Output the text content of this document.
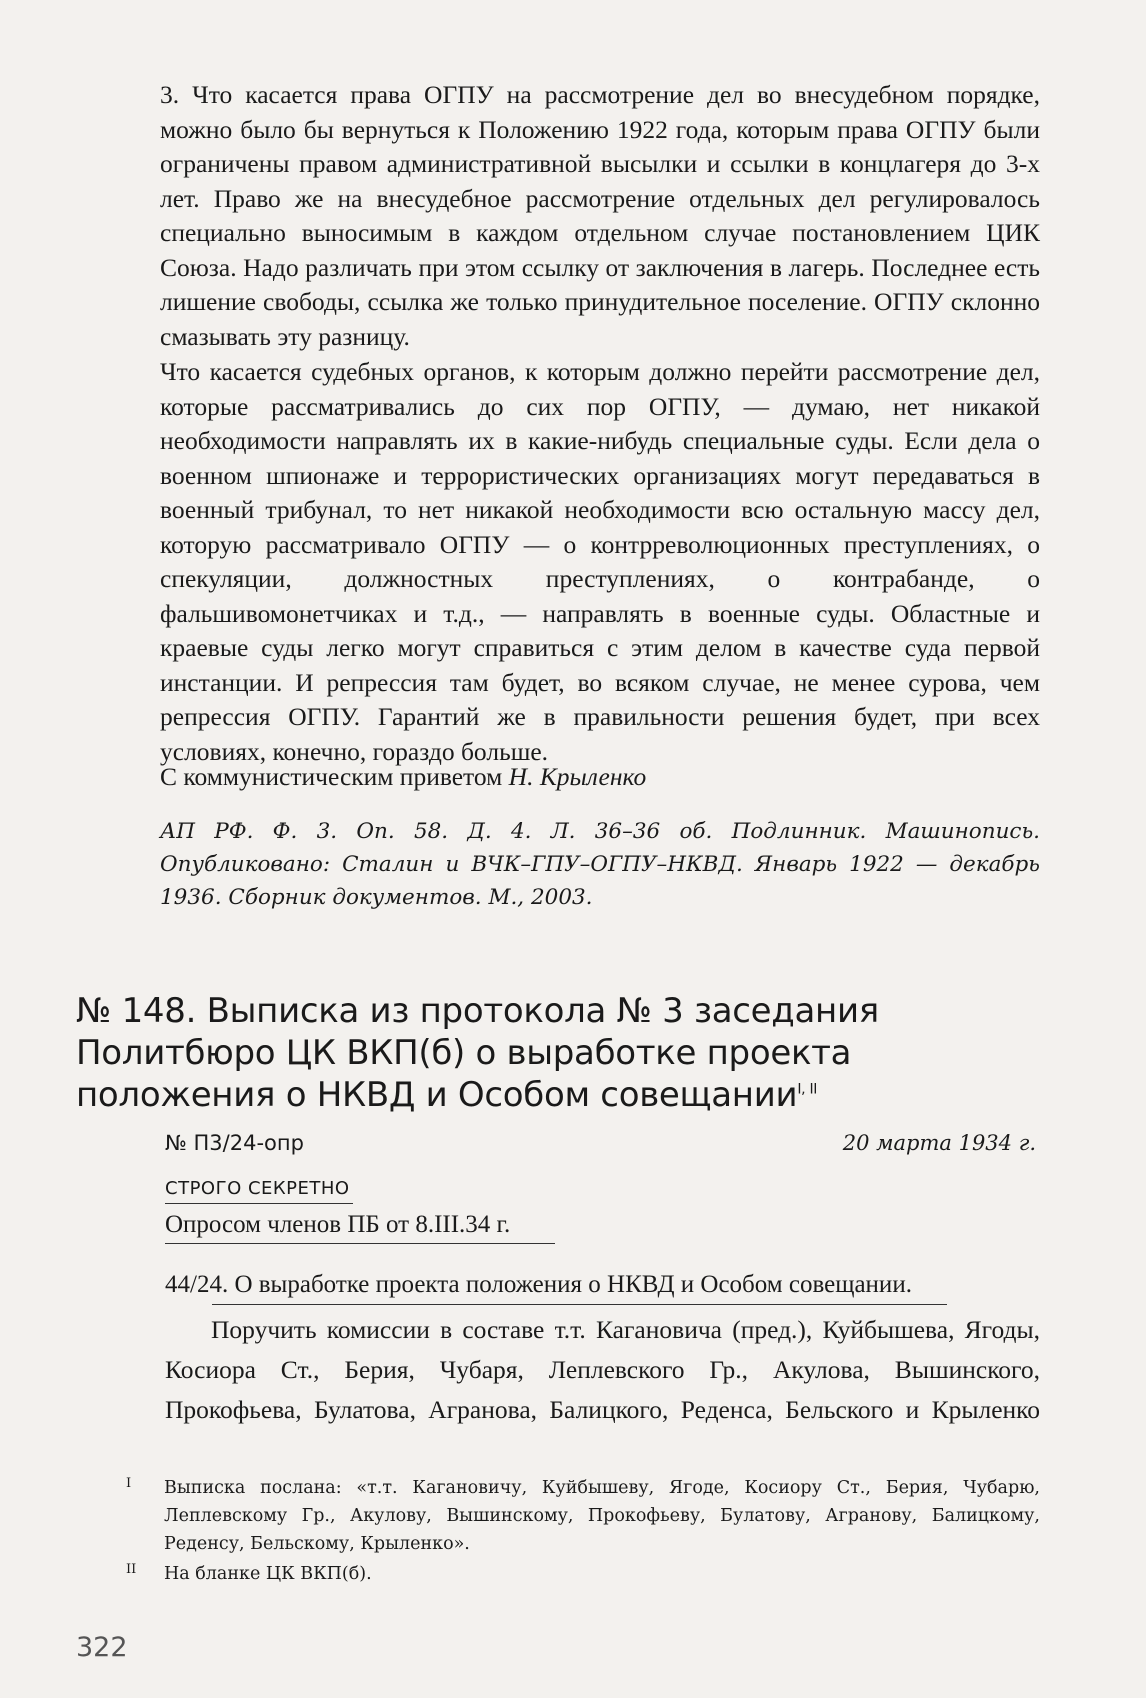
3. Что касается права ОГПУ на рассмотрение дел во внесудебном порядке, можно было бы вернуться к Положению 1922 года, которым права ОГПУ были ограничены правом административной высылки и ссылки в концлагеря до 3-х лет. Право же на внесудебное рассмотрение отдельных дел регулировалось специально выносимым в каждом отдельном случае постановлением ЦИК Союза. Надо различать при этом ссылку от заключения в лагерь. Последнее есть лишение свободы, ссылка же только принудительное поселение. ОГПУ склонно смазывать эту разницу.

Что касается судебных органов, к которым должно перейти рассмотрение дел, которые рассматривались до сих пор ОГПУ, — думаю, нет никакой необходимости направлять их в какие-нибудь специальные суды. Если дела о военном шпионаже и террористических организациях могут передаваться в военный трибунал, то нет никакой необходимости всю остальную массу дел, которую рассматривало ОГПУ — о контрреволюционных преступлениях, о спекуляции, должностных преступлениях, о контрабанде, о фальшивомонетчиках и т.д., — направлять в военные суды. Областные и краевые суды легко могут справиться с этим делом в качестве суда первой инстанции. И репрессия там будет, во всяком случае, не менее сурова, чем репрессия ОГПУ. Гарантий же в правильности решения будет, при всех условиях, конечно, гораздо больше.

С коммунистическим приветом Н. Крыленко
АП РФ. Ф. 3. Оп. 58. Д. 4. Л. 36–36 об. Подлинник. Машинопись. Опубликовано: Сталин и ВЧК–ГПУ–ОГПУ–НКВД. Январь 1922 — декабрь 1936. Сборник документов. М., 2003.
№ 148. Выписка из протокола № 3 заседания Политбюро ЦК ВКП(б) о выработке проекта положения о НКВД и Особом совещании$^{I, II}$
№ П3/24-опр	20 марта 1934 г.
СТРОГО СЕКРЕТНО
Опросом членов ПБ от 8.III.34 г.
44/24. О выработке проекта положения о НКВД и Особом совещании.
Поручить комиссии в составе т.т. Кагановича (пред.), Куйбышева, Ягоды, Косиора Ст., Берия, Чубаря, Леплевского Гр., Акулова, Вышинского, Прокофьева, Булатова, Агранова, Балицкого, Реденса, Бельского и Крыленко
I Выписка послана: «т.т. Кагановичу, Куйбышеву, Ягоде, Косиору Ст., Берия, Чубарю, Леплевскому Гр., Акулову, Вышинскому, Прокофьеву, Булатову, Агранову, Балицкому, Реденсу, Бельскому, Крыленко».
II На бланке ЦК ВКП(б).
322
